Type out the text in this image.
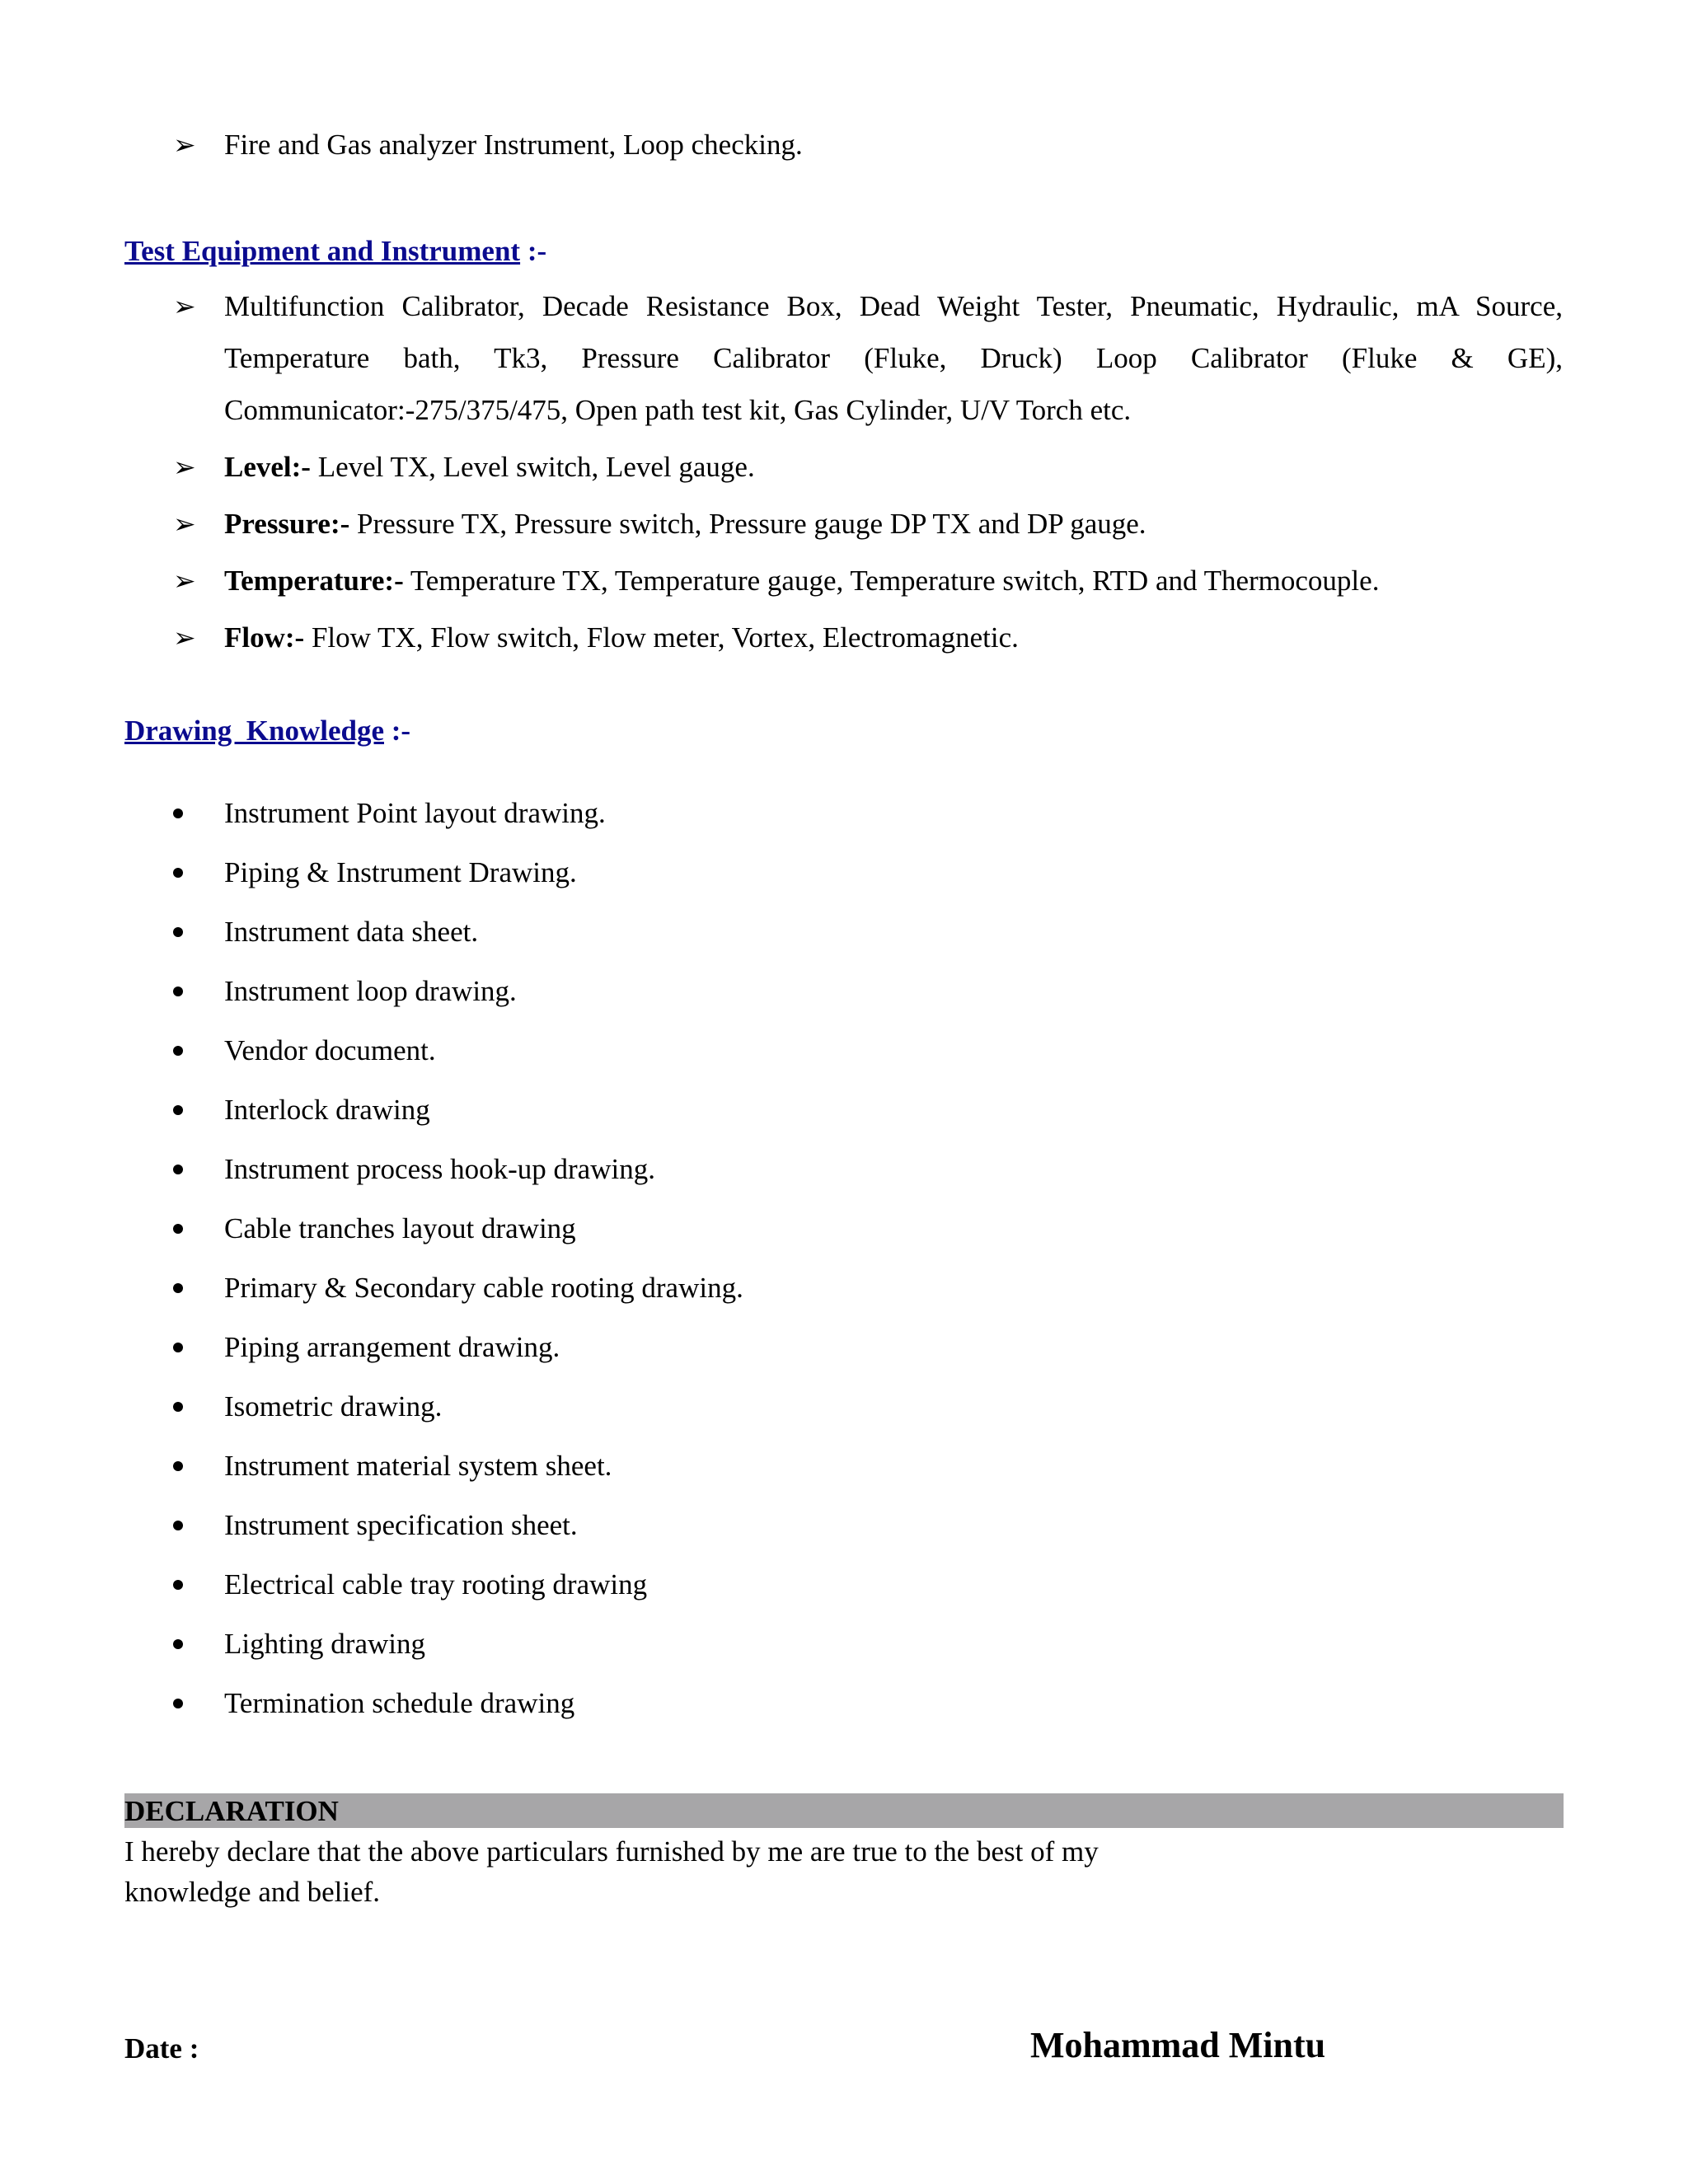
➢ Fire and Gas analyzer Instrument, Loop checking.
Test Equipment and Instrument :-
➢ Multifunction Calibrator, Decade Resistance Box, Dead Weight Tester, Pneumatic, Hydraulic, mA Source, Temperature bath, Tk3, Pressure Calibrator (Fluke, Druck) Loop Calibrator (Fluke & GE), Communicator:-275/375/475, Open path test kit, Gas Cylinder, U/V Torch etc.
➢ Level:- Level TX, Level switch, Level gauge.
➢ Pressure:- Pressure TX, Pressure switch, Pressure gauge DP TX and DP gauge.
➢ Temperature:- Temperature TX, Temperature gauge, Temperature switch, RTD and Thermocouple.
➢ Flow:- Flow TX, Flow switch, Flow meter, Vortex, Electromagnetic.
Drawing  Knowledge :-
Instrument Point layout drawing.
Piping & Instrument Drawing.
Instrument data sheet.
Instrument loop drawing.
Vendor document.
Interlock drawing
Instrument process hook-up drawing.
Cable tranches layout drawing
Primary & Secondary cable rooting drawing.
Piping arrangement drawing.
Isometric drawing.
Instrument material system sheet.
Instrument specification sheet.
Electrical cable tray rooting drawing
Lighting drawing
Termination schedule drawing
DECLARATION
I hereby declare that the above particulars furnished by me are true to the best of my knowledge and belief.
Date :	Mohammad Mintu
